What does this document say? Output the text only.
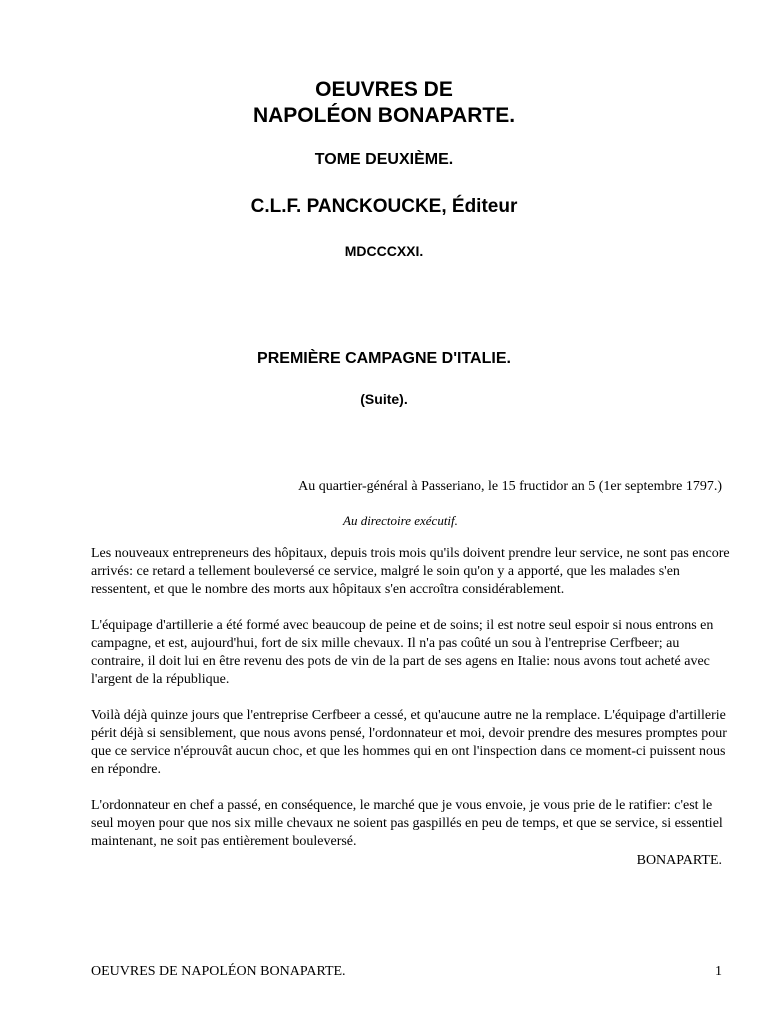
OEUVRES DE
NAPOLÉON BONAPARTE.
TOME DEUXIÈME.
C.L.F. PANCKOUCKE, Éditeur
MDCCCXXI.
PREMIÈRE CAMPAGNE D'ITALIE.
(Suite).
Au quartier-général à Passeriano, le 15 fructidor an 5 (1er septembre 1797.)
Au directoire exécutif.

Les nouveaux entrepreneurs des hôpitaux, depuis trois mois qu'ils doivent prendre leur service, ne sont pas encore arrivés: ce retard a tellement bouleversé ce service, malgré le soin qu'on y a apporté, que les malades s'en ressentent, et que le nombre des morts aux hôpitaux s'en accroîtra considérablement.

L'équipage d'artillerie a été formé avec beaucoup de peine et de soins; il est notre seul espoir si nous entrons en campagne, et est, aujourd'hui, fort de six mille chevaux. Il n'a pas coûté un sou à l'entreprise Cerfbeer; au contraire, il doit lui en être revenu des pots de vin de la part de ses agens en Italie: nous avons tout acheté avec l'argent de la république.

Voilà déjà quinze jours que l'entreprise Cerfbeer a cessé, et qu'aucune autre ne la remplace. L'équipage d'artillerie périt déjà si sensiblement, que nous avons pensé, l'ordonnateur et moi, devoir prendre des mesures promptes pour que ce service n'éprouvât aucun choc, et que les hommes qui en ont l'inspection dans ce moment-ci puissent nous en répondre.

L'ordonnateur en chef a passé, en conséquence, le marché que je vous envoie, je vous prie de le ratifier: c'est le seul moyen pour que nos six mille chevaux ne soient pas gaspillés en peu de temps, et que se service, si essentiel maintenant, ne soit pas entièrement bouleversé.

BONAPARTE.
OEUVRES DE NAPOLÉON BONAPARTE.	1
